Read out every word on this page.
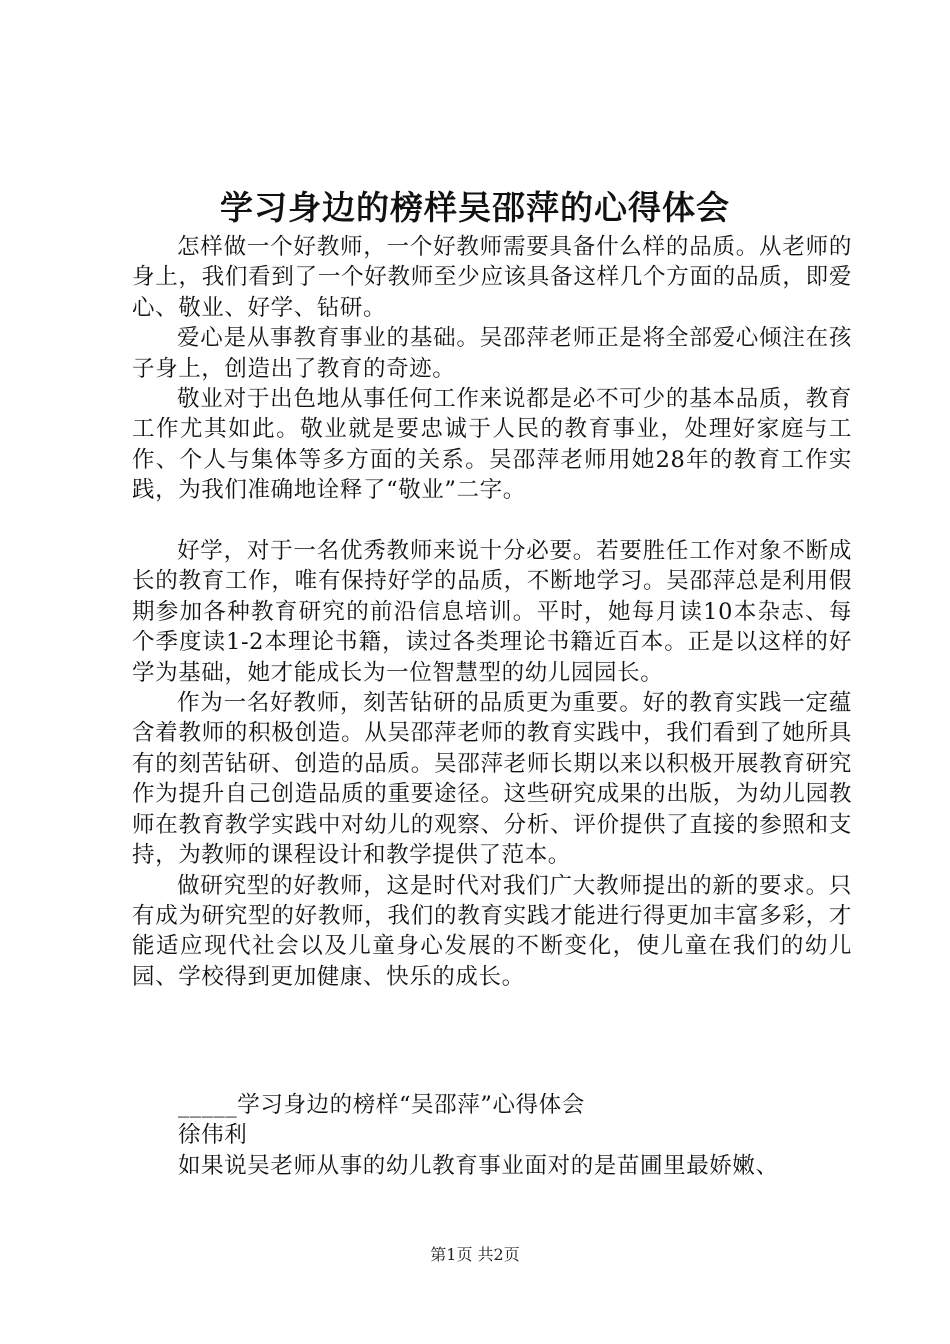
学习身边的榜样吴邵萍的心得体会

怎样做一个好教师，一个好教师需要具备什么样的品质。从老师的身上，我们看到了一个好教师至少应该具备这样几个方面的品质，即爱心、敬业、好学、钻研。

爱心是从事教育事业的基础。吴邵萍老师正是将全部爱心倾注在孩子身上，创造出了教育的奇迹。

敬业对于出色地从事任何工作来说都是必不可少的基本品质，教育工作尤其如此。敬业就是要忠诚于人民的教育事业，处理好家庭与工作、个人与集体等多方面的关系。吴邵萍老师用她28年的教育工作实践，为我们准确地诠释了“敬业”二字。

好学，对于一名优秀教师来说十分必要。若要胜任工作对象不断成长的教育工作，唯有保持好学的品质，不断地学习。吴邵萍总是利用假期参加各种教育研究的前沿信息培训。平时，她每月读10本杂志、每个季度读1-2本理论书籍，读过各类理论书籍近百本。正是以这样的好学为基础，她才能成长为一位智慧型的幼儿园园长。

作为一名好教师，刻苦钻研的品质更为重要。好的教育实践一定蕴含着教师的积极创造。从吴邵萍老师的教育实践中，我们看到了她所具有的刻苦钻研、创造的品质。吴邵萍老师长期以来以积极开展教育研究作为提升自己创造品质的重要途径。这些研究成果的出版，为幼儿园教师在教育教学实践中对幼儿的观察、分析、评价提供了直接的参照和支持，为教师的课程设计和教学提供了范本。

做研究型的好教师，这是时代对我们广大教师提出的新的要求。只有成为研究型的好教师，我们的教育实践才能进行得更加丰富多彩，才能适应现代社会以及儿童身心发展的不断变化，使儿童在我们的幼儿园、学校得到更加健康、快乐的成长。

_____学习身边的榜样“吴邵萍”心得体会
徐伟利
如果说吴老师从事的幼儿教育事业面对的是苗圃里最娇嫩、
第1页 共2页
